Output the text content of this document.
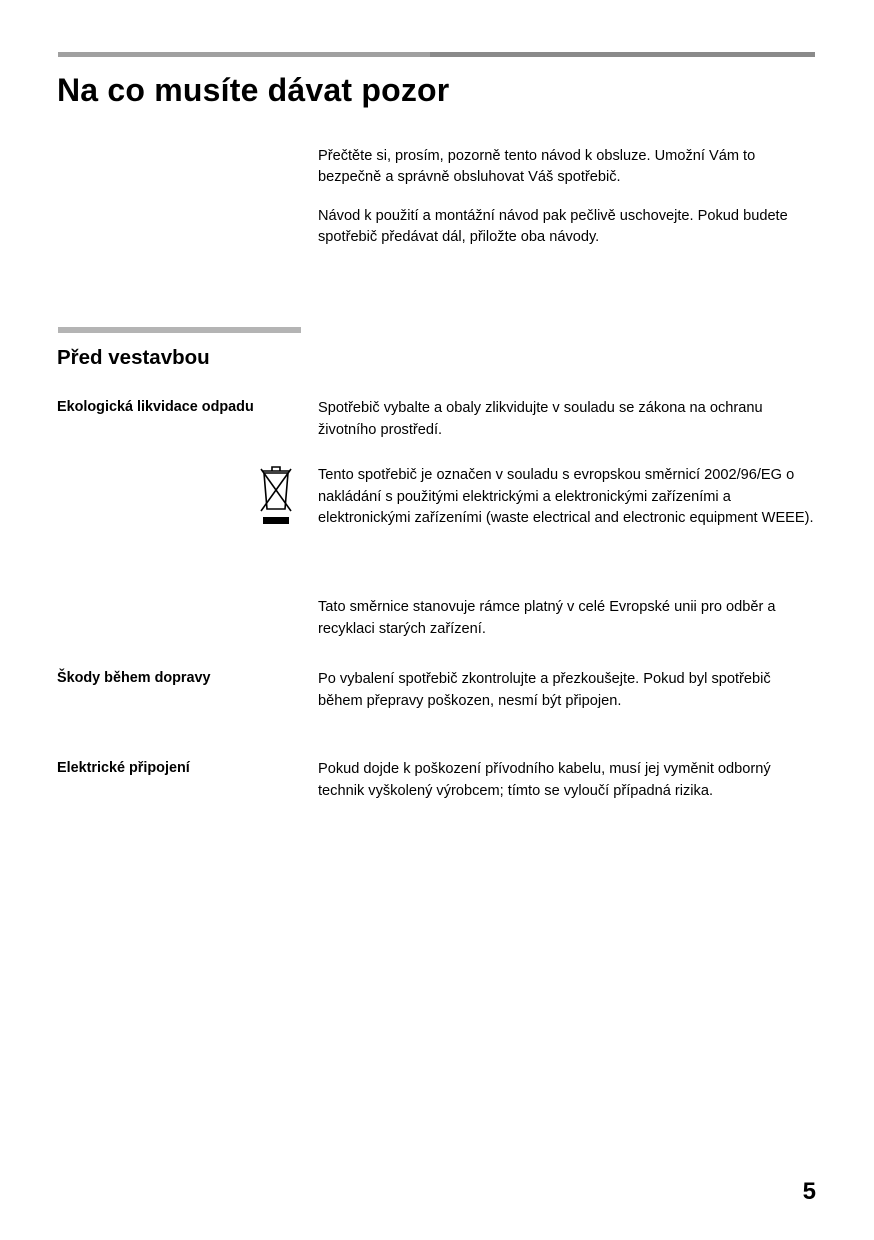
Na co musíte dávat pozor

Přečtěte si, prosím, pozorně tento návod k obsluze. Umožní Vám to bezpečně a správně obsluhovat Váš spotřebič.

Návod k použití a montážní návod pak pečlivě uschovejte. Pokud budete spotřebič předávat dál, přiložte oba návody.

Před vestavbou
Ekologická likvidace odpadu	Spotřebič vybalte a obaly zlikvidujte v souladu se zákona na ochranu životního prostředí.
Tento spotřebič je označen v souladu s evropskou směrnicí 2002/96/EG o nakládání s použitými elektrickými a elektronickými zařízeními a elektronickými zařízeními (waste electrical and electronic equipment WEEE).
Tato směrnice stanovuje rámce platný v celé Evropské unii pro odběr a recyklaci starých zařízení.
Škody během dopravy	Po vybalení spotřebič zkontrolujte a přezkoušejte. Pokud byl spotřebič během přepravy poškozen, nesmí být připojen.
Elektrické připojení	Pokud dojde k poškození přívodního kabelu, musí jej vyměnit odborný technik vyškolený výrobcem; tímto se vyloučí případná rizika.
5
